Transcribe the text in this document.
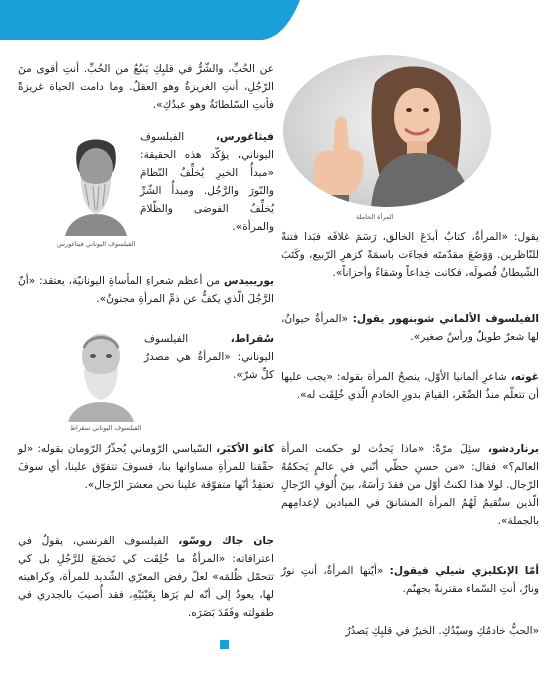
المرأة الحاملة

يقول: «المرأةُ، كتابٌ أبدَعَ الخالق، رَسَمَ غلافَه فبَدا فتنةً للنّاظرين. وَوَضَعَ مقدّمتَه فجاءَت باسمَةً كزهرِ الرّبيع، وكَتَبَ الشّيطانُ فُصولَه، فكانت خِداعاً وشقاءً وأحزاناً».

الفيلسوف الألماني شوبنهور يقول: «المرأةُ حيوانٌ، لها شعرٌ طويلٌ ورأسٌ صغير».

غوته، شاعرِ ألمانيا الأوّل، ينصحُ المرأة بقوله: «يجب عليها أن تتعلّم منذُ الصِّغَر، القيامَ بدورِ الخادمِ الّذي خُلِقَت له».

برناردشو، سئِلَ مرّةً: «ماذا يَحدُث لو حكمت المرأة العالم؟» فقال: «من حسنِ حظّي أنّني في عالمٍ يَحكمُهُ الرّجال. لولا هذا لكنتُ أوّل من فقدَ رَأسَهُ، بينَ أُلوفِ الرّجالِ الّذين ستُقيمُ لَهُمُ المرأة المشانقَ في الميادين لإعدامِهم بالجملة».

أمّا الإنكليزي شيلي فيقول: «أيّتها المرأةُ، أنتِ نورٌ ونارٌ، أنتِ السّماء مقترنةً بجهنّم.

«الحبُّ خادمُكِ وسيّدُكِ. الخيرُ في قلبِكِ يَصدُرُ

عن الحُبِّ، والشّرُّ في قلبِكِ يَنبُعُ من الحُبِّ. أنتِ أقوى منَ الرّجُلِ، أنتِ الغريزةُ وهو العقلُ. وما دامت الحياة غريزةً فأنتِ السّلطانَةُ وهو عبدُكِ».

الفيلسوف اليوناني فيثاغورس

فيثاغورس، الفيلسوف اليوناني، يؤكّد هذه الحقيقة: «مبدأُ الخيرِ يُخلِّفُ النّظامَ والنّورَ والرَّجُل. ومبدأُ الشّرِّ يُخلِّفُ الفوضى والظّلامَ والمرأة».

يوريبيدس من أعظم شعراءِ المأساةِ اليونانيّة، يعتقد: «أنّ الرَّجُلَ الّذي يكفُّ عن ذمِّ المرأةِ مجنونٌ».

الفيلسوف اليوناني سقراط

سُقراط، الفيلسوف اليوناني: «المرأةُ هي مصدرُ كلِّ شرّ».

كاتو الأكبَر، السّياسي الرّوماني يُحذّرُ الرّومان بقوله: «لو حقّقنا للمرأةِ مساواتها بنا، فسوفَ تتفوّق علينا، أي سوفَ تعتقِدُ أنّها متفوّقة علينا نحن معشرَ الرّجال».

جان جاك روسّو، الفيلسوف الفرنسي، يقولُ في اعترافاته: «المرأةُ ما خُلِقَت كي تَخضَعَ للرَّجُلِ بل كي تتحمّل ظُلمَه» لعلّ رفض المعرّي الشّديد للمرأة، وكراهيته لها، يعودُ إلى أنّه لم يَرَها بِعَيْنَيْهِ، فقد أُصيبَ بالجدري في طفولته وفَقَدَ بَصَرَه.
